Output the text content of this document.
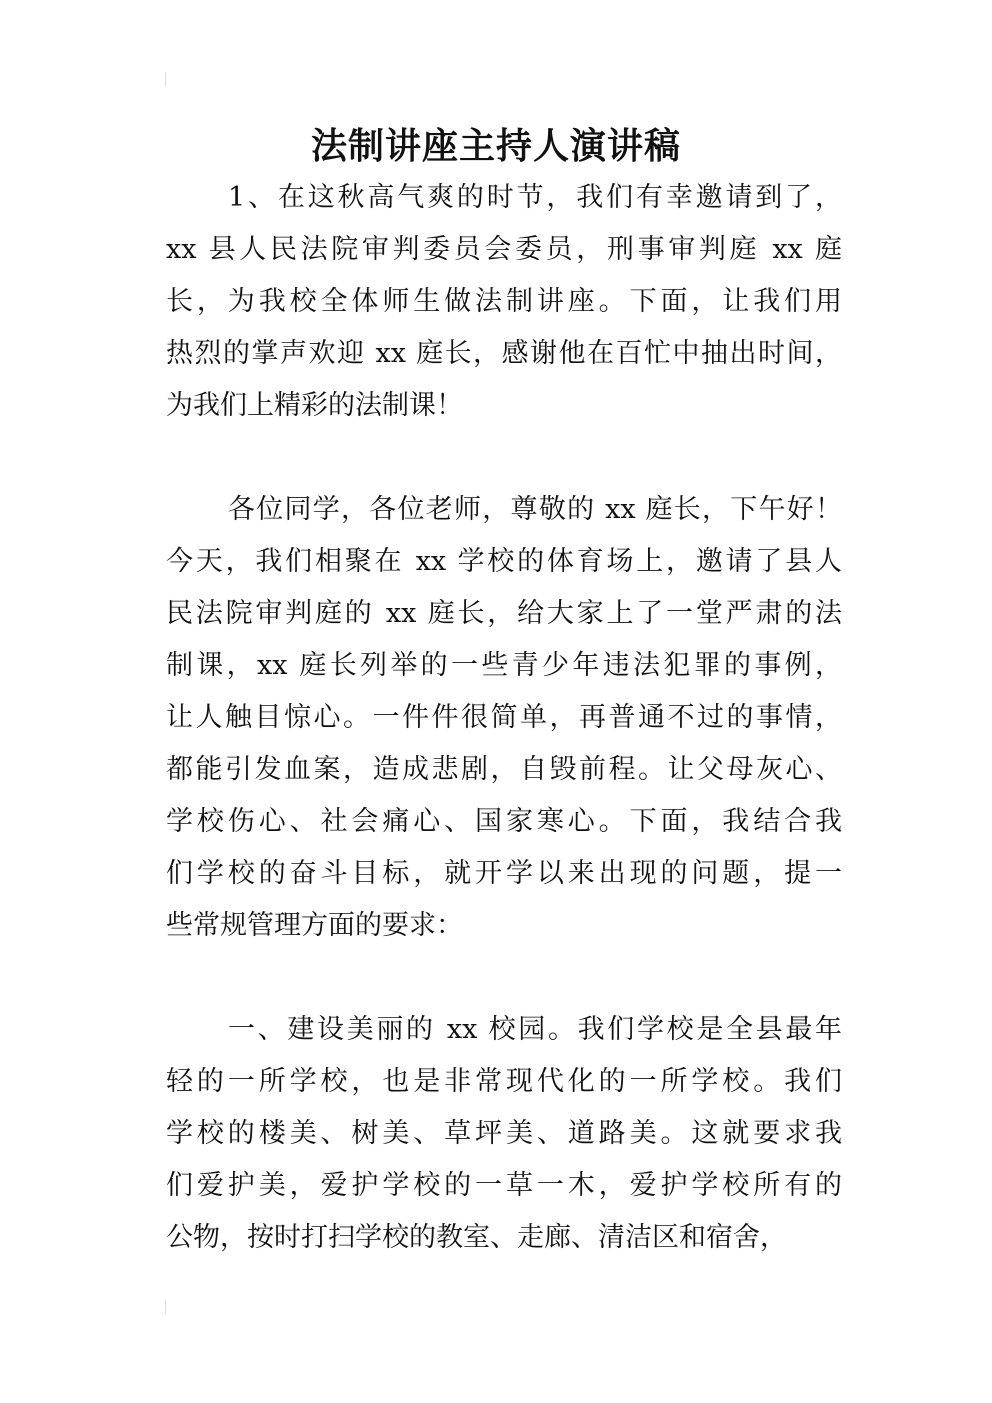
法制讲座主持人演讲稿
1、在这秋高气爽的时节，我们有幸邀请到了，
xx 县人民法院审判委员会委员，刑事审判庭 xx 庭
长，为我校全体师生做法制讲座。下面，让我们用
热烈的掌声欢迎 xx 庭长，感谢他在百忙中抽出时间，
为我们上精彩的法制课！
各位同学，各位老师，尊敬的 xx 庭长，下午好！
今天，我们相聚在 xx 学校的体育场上，邀请了县人
民法院审判庭的 xx 庭长，给大家上了一堂严肃的法
制课，xx 庭长列举的一些青少年违法犯罪的事例，
让人触目惊心。一件件很简单，再普通不过的事情，
都能引发血案，造成悲剧，自毁前程。让父母灰心、
学校伤心、社会痛心、国家寒心。下面，我结合我
们学校的奋斗目标，就开学以来出现的问题，提一
些常规管理方面的要求：
一、建设美丽的 xx 校园。我们学校是全县最年
轻的一所学校，也是非常现代化的一所学校。我们
学校的楼美、树美、草坪美、道路美。这就要求我
们爱护美，爱护学校的一草一木，爱护学校所有的
公物，按时打扫学校的教室、走廊、清洁区和宿舍，
